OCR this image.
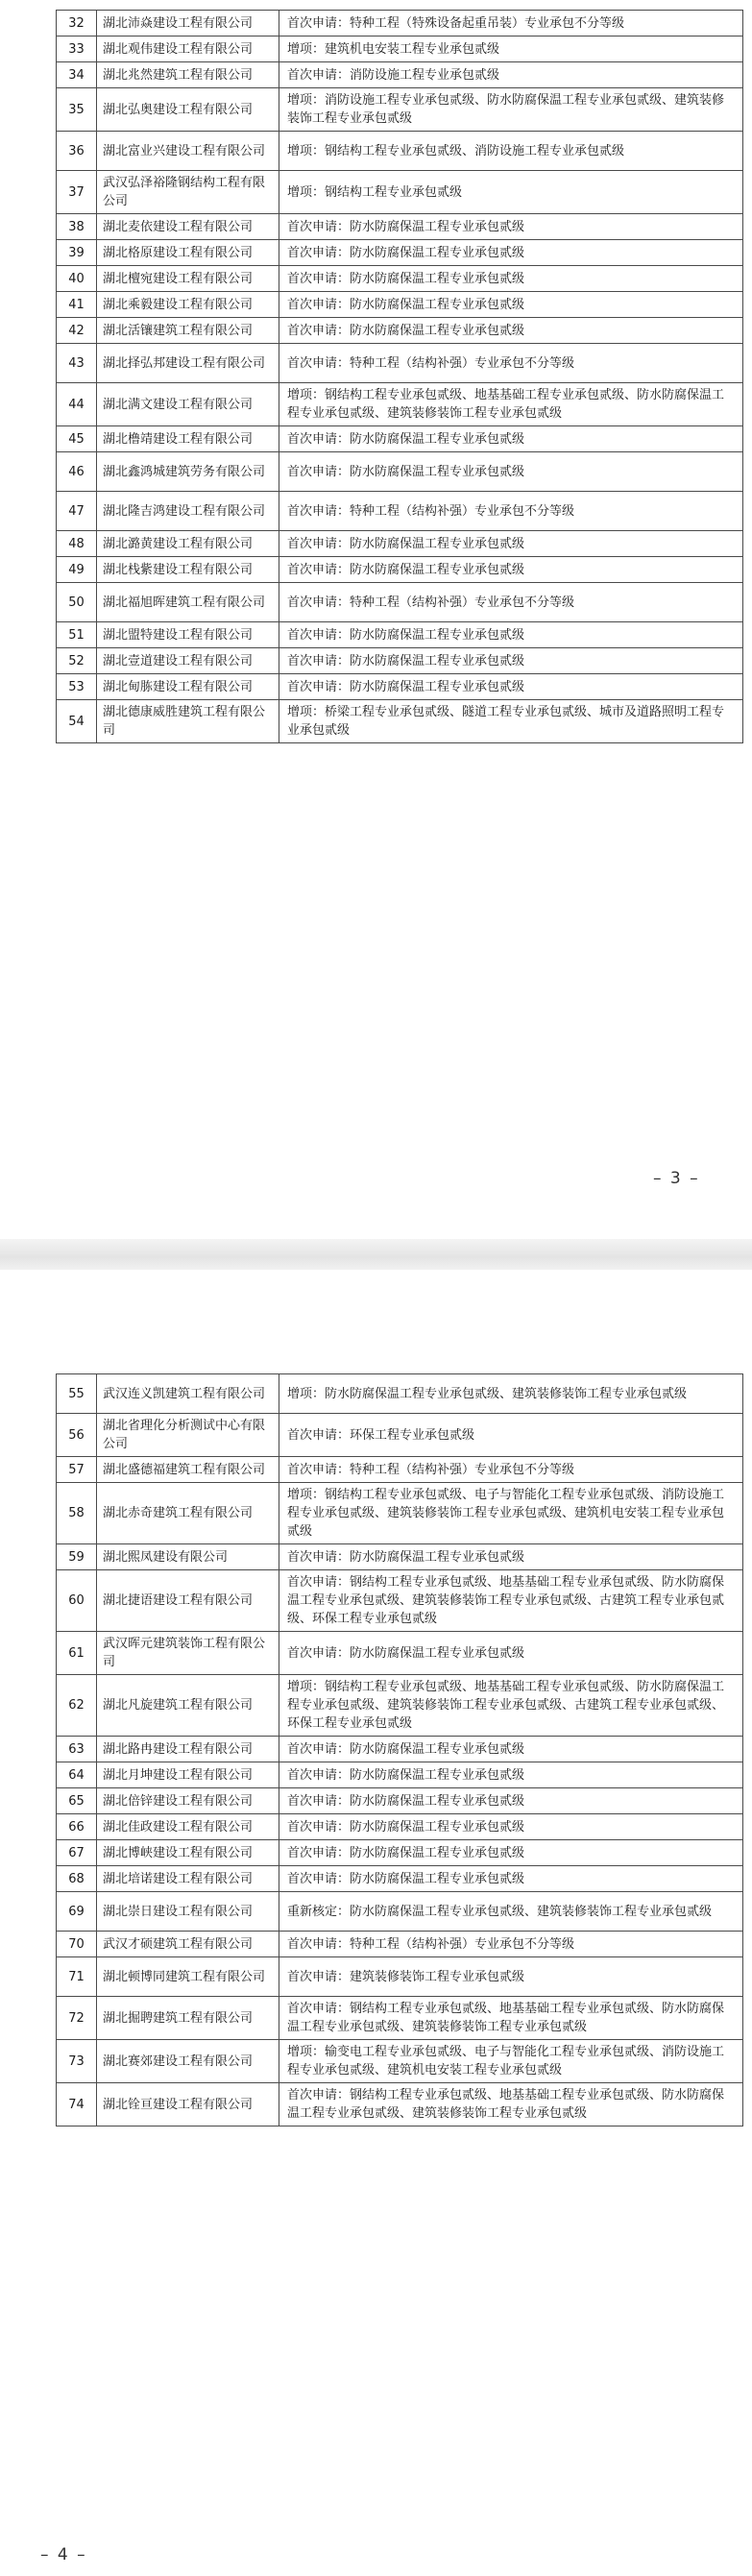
32	湖北沛焱建设工程有限公司	首次申请：特种工程（特殊设备起重吊装）专业承包不分等级
33	湖北观伟建设工程有限公司	增项：建筑机电安装工程专业承包贰级
34	湖北兆然建筑工程有限公司	首次申请：消防设施工程专业承包贰级
35	湖北弘奥建设工程有限公司	增项：消防设施工程专业承包贰级、防水防腐保温工程专业承包贰级、建筑装修装饰工程专业承包贰级
36	湖北富业兴建设工程有限公司	增项：钢结构工程专业承包贰级、消防设施工程专业承包贰级
37	武汉弘泽裕隆钢结构工程有限公司	增项：钢结构工程专业承包贰级
38	湖北麦依建设工程有限公司	首次申请：防水防腐保温工程专业承包贰级
39	湖北格原建设工程有限公司	首次申请：防水防腐保温工程专业承包贰级
40	湖北檀宛建设工程有限公司	首次申请：防水防腐保温工程专业承包贰级
41	湖北乘毅建设工程有限公司	首次申请：防水防腐保温工程专业承包贰级
42	湖北活镶建筑工程有限公司	首次申请：防水防腐保温工程专业承包贰级
43	湖北择弘邦建设工程有限公司	首次申请：特种工程（结构补强）专业承包不分等级
44	湖北满文建设工程有限公司	增项：钢结构工程专业承包贰级、地基基础工程专业承包贰级、防水防腐保温工程专业承包贰级、建筑装修装饰工程专业承包贰级
45	湖北橹靖建设工程有限公司	首次申请：防水防腐保温工程专业承包贰级
46	湖北鑫鸿城建筑劳务有限公司	首次申请：防水防腐保温工程专业承包贰级
47	湖北隆吉鸿建设工程有限公司	首次申请：特种工程（结构补强）专业承包不分等级
48	湖北潞黄建设工程有限公司	首次申请：防水防腐保温工程专业承包贰级
49	湖北栈紫建设工程有限公司	首次申请：防水防腐保温工程专业承包贰级
50	湖北福旭晖建筑工程有限公司	首次申请：特种工程（结构补强）专业承包不分等级
51	湖北盟特建设工程有限公司	首次申请：防水防腐保温工程专业承包贰级
52	湖北壹道建设工程有限公司	首次申请：防水防腐保温工程专业承包贰级
53	湖北甸胨建设工程有限公司	首次申请：防水防腐保温工程专业承包贰级
54	湖北德康威胜建筑工程有限公司	增项：桥梁工程专业承包贰级、隧道工程专业承包贰级、城市及道路照明工程专业承包贰级
– 3 –
55	武汉连义凯建筑工程有限公司	增项：防水防腐保温工程专业承包贰级、建筑装修装饰工程专业承包贰级
56	湖北省理化分析测试中心有限公司	首次申请：环保工程专业承包贰级
57	湖北盛德福建筑工程有限公司	首次申请：特种工程（结构补强）专业承包不分等级
58	湖北赤奇建筑工程有限公司	增项：钢结构工程专业承包贰级、电子与智能化工程专业承包贰级、消防设施工程专业承包贰级、建筑装修装饰工程专业承包贰级、建筑机电安装工程专业承包贰级
59	湖北熙凤建设有限公司	首次申请：防水防腐保温工程专业承包贰级
60	湖北捷语建设工程有限公司	首次申请：钢结构工程专业承包贰级、地基基础工程专业承包贰级、防水防腐保温工程专业承包贰级、建筑装修装饰工程专业承包贰级、古建筑工程专业承包贰级、环保工程专业承包贰级
61	武汉晖元建筑装饰工程有限公司	首次申请：防水防腐保温工程专业承包贰级
62	湖北凡旋建筑工程有限公司	增项：钢结构工程专业承包贰级、地基基础工程专业承包贰级、防水防腐保温工程专业承包贰级、建筑装修装饰工程专业承包贰级、古建筑工程专业承包贰级、环保工程专业承包贰级
63	湖北路冉建设工程有限公司	首次申请：防水防腐保温工程专业承包贰级
64	湖北月坤建设工程有限公司	首次申请：防水防腐保温工程专业承包贰级
65	湖北倍锌建设工程有限公司	首次申请：防水防腐保温工程专业承包贰级
66	湖北佳政建设工程有限公司	首次申请：防水防腐保温工程专业承包贰级
67	湖北博峡建设工程有限公司	首次申请：防水防腐保温工程专业承包贰级
68	湖北培诺建设工程有限公司	首次申请：防水防腐保温工程专业承包贰级
69	湖北崇日建设工程有限公司	重新核定：防水防腐保温工程专业承包贰级、建筑装修装饰工程专业承包贰级
70	武汉才硕建筑工程有限公司	首次申请：特种工程（结构补强）专业承包不分等级
71	湖北顿博同建筑工程有限公司	首次申请：建筑装修装饰工程专业承包贰级
72	湖北掘聘建筑工程有限公司	首次申请：钢结构工程专业承包贰级、地基基础工程专业承包贰级、防水防腐保温工程专业承包贰级、建筑装修装饰工程专业承包贰级
73	湖北赛郊建设工程有限公司	增项：输变电工程专业承包贰级、电子与智能化工程专业承包贰级、消防设施工程专业承包贰级、建筑机电安装工程专业承包贰级
74	湖北铨亘建设工程有限公司	首次申请：钢结构工程专业承包贰级、地基基础工程专业承包贰级、防水防腐保温工程专业承包贰级、建筑装修装饰工程专业承包贰级
– 4 –
